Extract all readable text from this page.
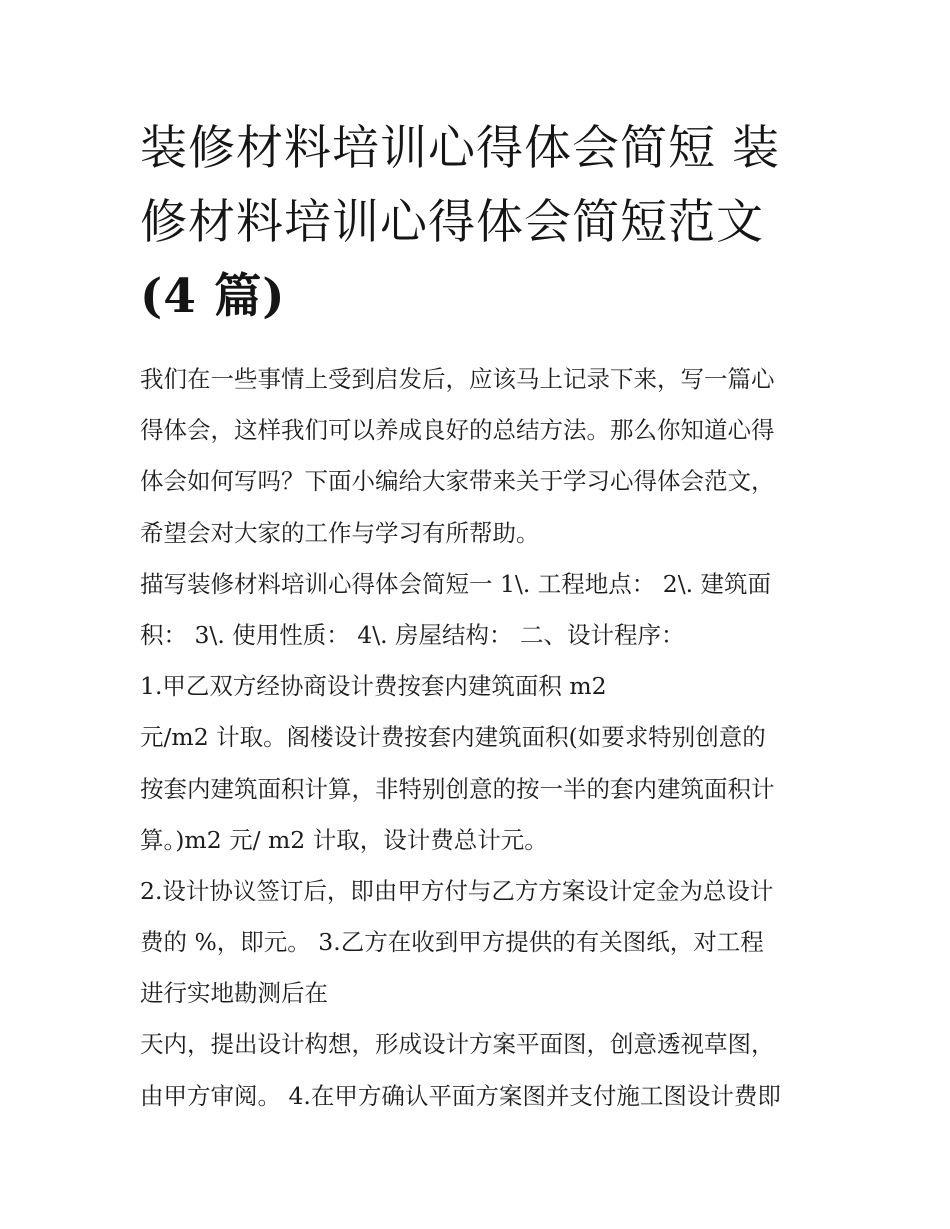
装修材料培训心得体会简短 装
修材料培训心得体会简短范文
(4 篇)
我们在一些事情上受到启发后，应该马上记录下来，写一篇心
得体会，这样我们可以养成良好的总结方法。那么你知道心得
体会如何写吗？下面小编给大家带来关于学习心得体会范文，
希望会对大家的工作与学习有所帮助。
描写装修材料培训心得体会简短一 1\. 工程地点： 2\. 建筑面
积： 3\. 使用性质： 4\. 房屋结构： 二、设计程序：
1.甲乙双方经协商设计费按套内建筑面积 m2
元/m2 计取。阁楼设计费按套内建筑面积(如要求特别创意的
按套内建筑面积计算，非特别创意的按一半的套内建筑面积计
算。)m2 元/ m2 计取，设计费总计元。
2.设计协议签订后，即由甲方付与乙方方案设计定金为总设计
费的 %，即元。 3.乙方在收到甲方提供的有关图纸，对工程
进行实地勘测后在
天内，提出设计构想，形成设计方案平面图，创意透视草图，
由甲方审阅。 4.在甲方确认平面方案图并支付施工图设计费即
